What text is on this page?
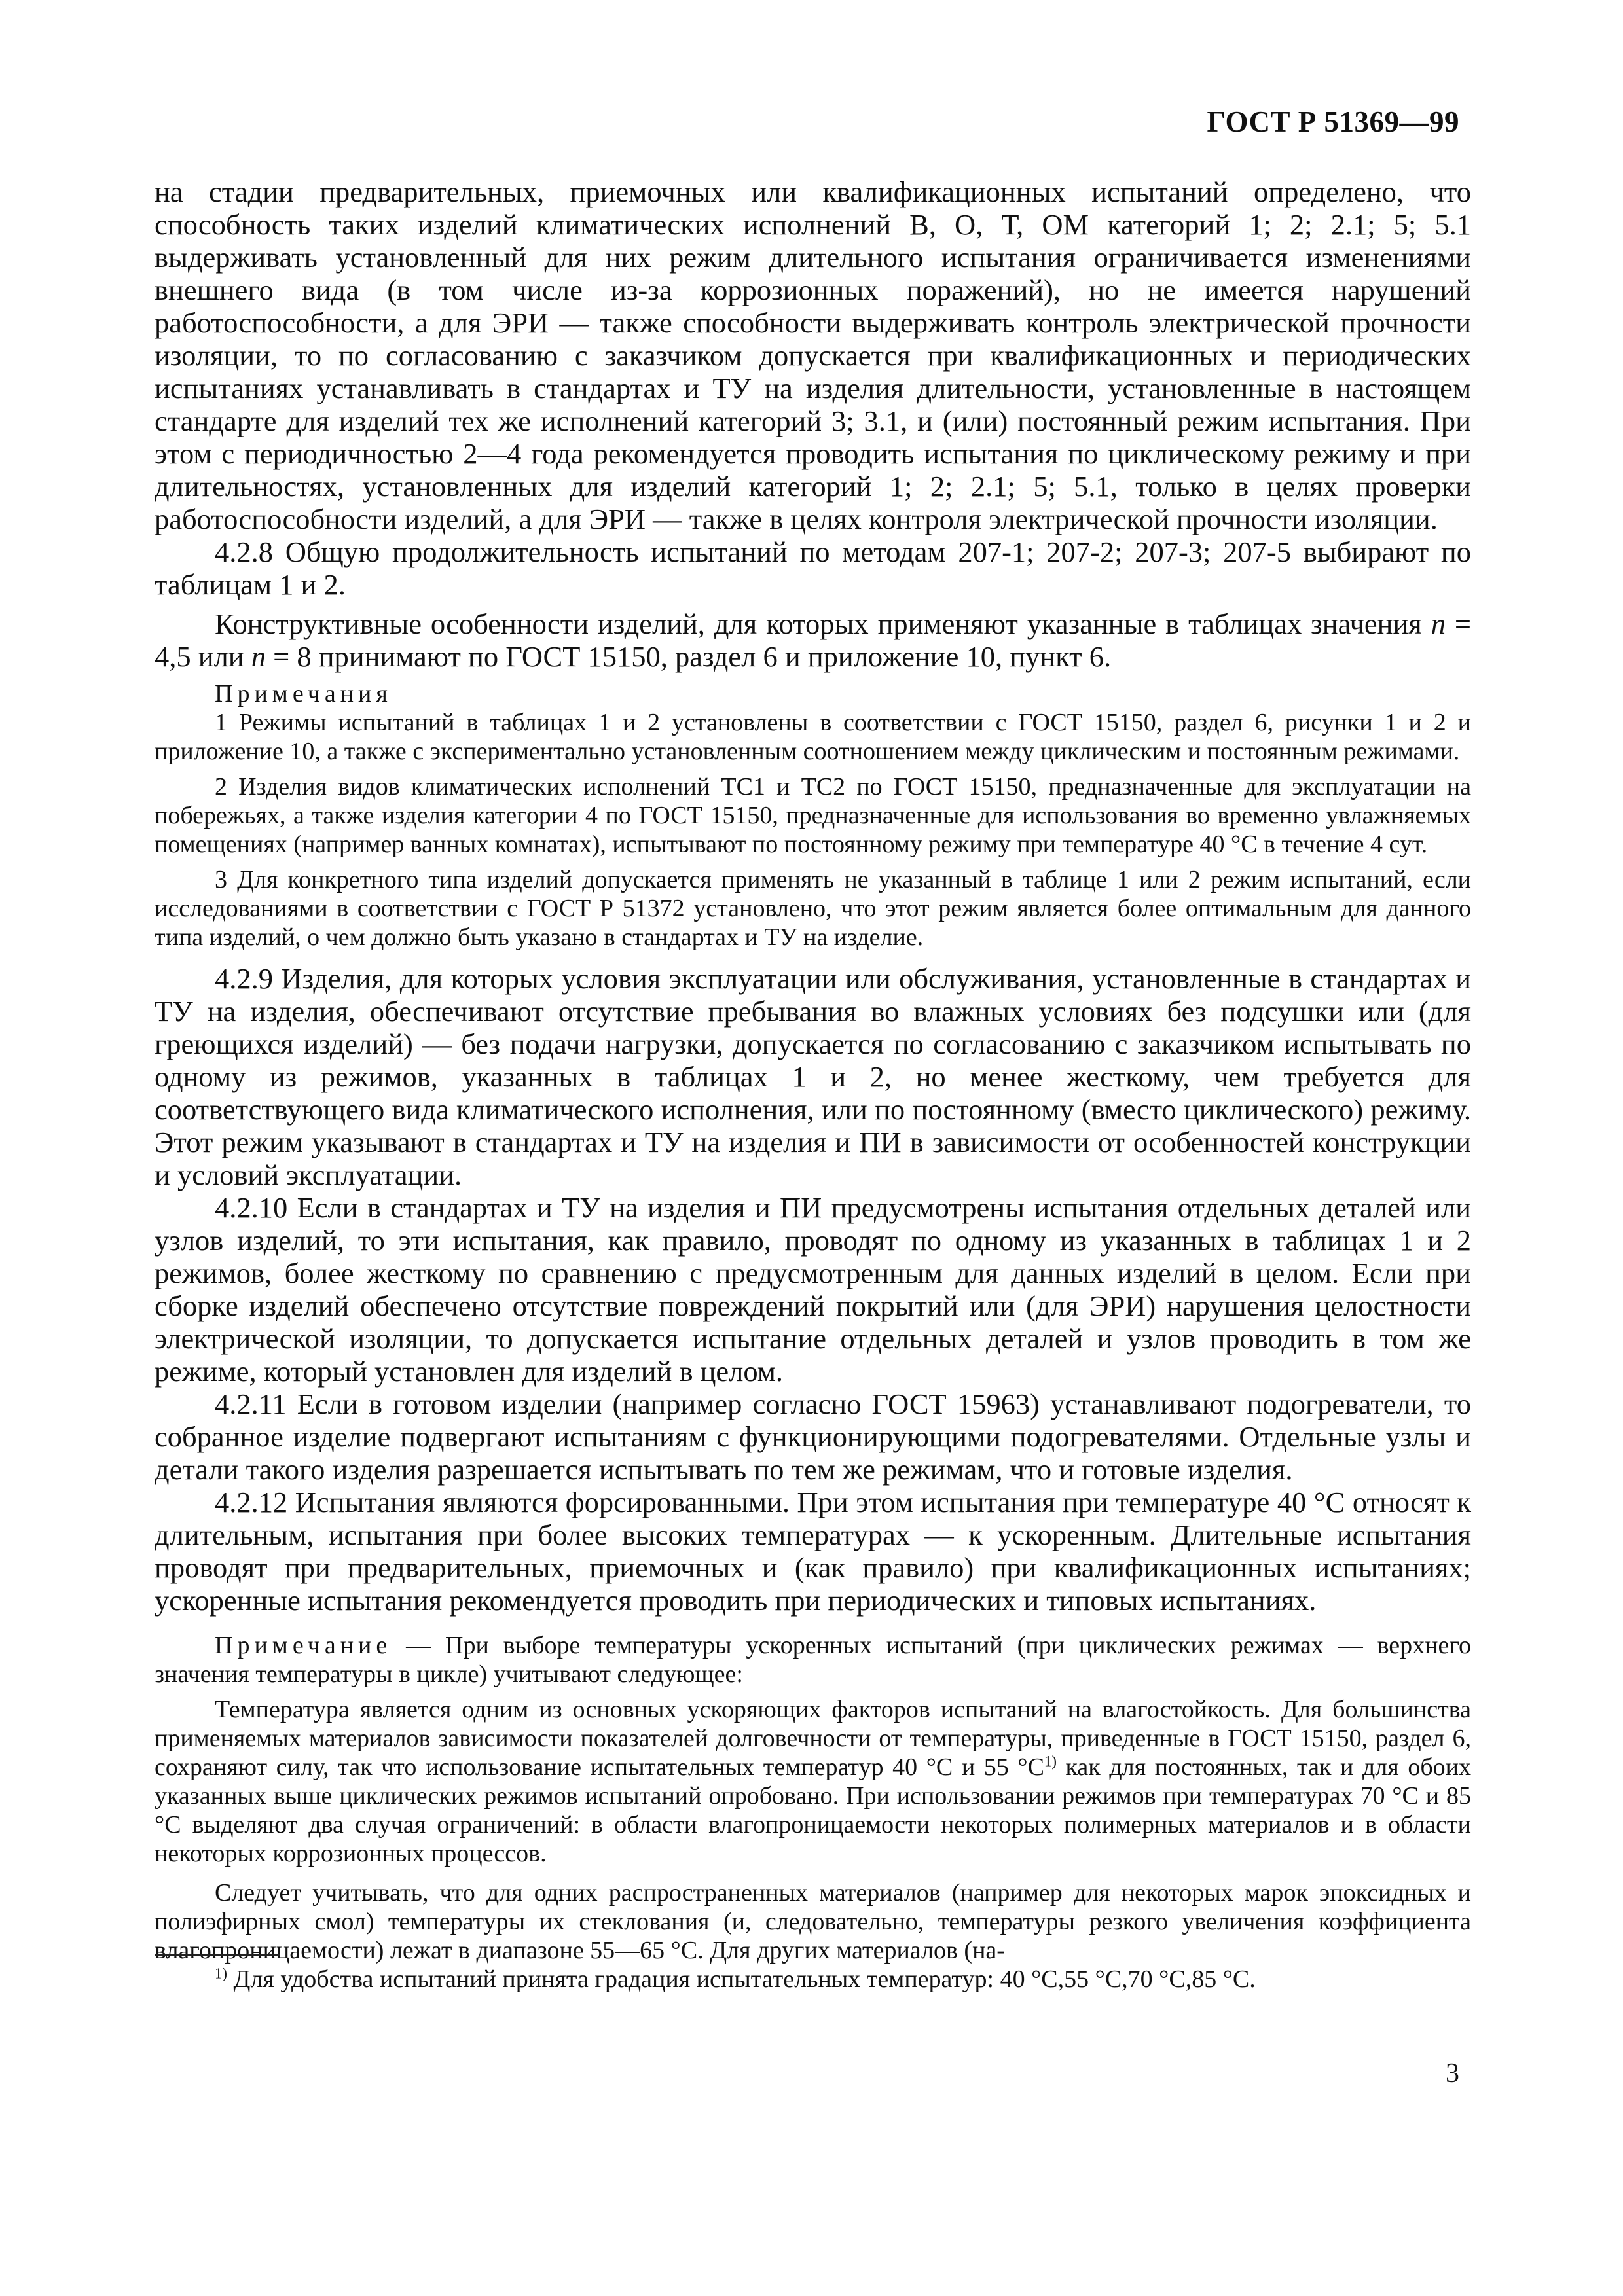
ГОСТ Р 51369—99

на стадии предварительных, приемочных или квалификационных испытаний определено, что способность таких изделий климатических исполнений В, О, Т, ОМ категорий 1; 2; 2.1; 5; 5.1 выдерживать установленный для них режим длительного испытания ограничивается изменениями внешнего вида (в том числе из-за коррозионных поражений), но не имеется нарушений работоспособности, а для ЭРИ — также способности выдерживать контроль электрической прочности изоляции, то по согласованию с заказчиком допускается при квалификационных и периодических испытаниях устанавливать в стандартах и ТУ на изделия длительности, установленные в настоящем стандарте для изделий тех же исполнений категорий 3; 3.1, и (или) постоянный режим испытания. При этом с периодичностью 2—4 года рекомендуется проводить испытания по циклическому режиму и при длительностях, установленных для изделий категорий 1; 2; 2.1; 5; 5.1, только в целях проверки работоспособности изделий, а для ЭРИ — также в целях контроля электрической прочности изоляции.

4.2.8 Общую продолжительность испытаний по методам 207-1; 207-2; 207-3; 207-5 выбирают по таблицам 1 и 2.

Конструктивные особенности изделий, для которых применяют указанные в таблицах значения n = 4,5 или n = 8 принимают по ГОСТ 15150, раздел 6 и приложение 10, пункт 6.

Примечания

1 Режимы испытаний в таблицах 1 и 2 установлены в соответствии с ГОСТ 15150, раздел 6, рисунки 1 и 2 и приложение 10, а также с экспериментально установленным соотношением между циклическим и постоянным режимами.

2 Изделия видов климатических исполнений ТС1 и ТС2 по ГОСТ 15150, предназначенные для эксплуатации на побережьях, а также изделия категории 4 по ГОСТ 15150, предназначенные для использования во временно увлажняемых помещениях (например ванных комнатах), испытывают по постоянному режиму при температуре 40 °С в течение 4 сут.

3 Для конкретного типа изделий допускается применять не указанный в таблице 1 или 2 режим испытаний, если исследованиями в соответствии с ГОСТ Р 51372 установлено, что этот режим является более оптимальным для данного типа изделий, о чем должно быть указано в стандартах и ТУ на изделие.

4.2.9 Изделия, для которых условия эксплуатации или обслуживания, установленные в стандартах и ТУ на изделия, обеспечивают отсутствие пребывания во влажных условиях без подсушки или (для греющихся изделий) — без подачи нагрузки, допускается по согласованию с заказчиком испытывать по одному из режимов, указанных в таблицах 1 и 2, но менее жесткому, чем требуется для соответствующего вида климатического исполнения, или по постоянному (вместо циклического) режиму. Этот режим указывают в стандартах и ТУ на изделия и ПИ в зависимости от особенностей конструкции и условий эксплуатации.

4.2.10 Если в стандартах и ТУ на изделия и ПИ предусмотрены испытания отдельных деталей или узлов изделий, то эти испытания, как правило, проводят по одному из указанных в таблицах 1 и 2 режимов, более жесткому по сравнению с предусмотренным для данных изделий в целом. Если при сборке изделий обеспечено отсутствие повреждений покрытий или (для ЭРИ) нарушения целостности электрической изоляции, то допускается испытание отдельных деталей и узлов проводить в том же режиме, который установлен для изделий в целом.

4.2.11 Если в готовом изделии (например согласно ГОСТ 15963) устанавливают подогреватели, то собранное изделие подвергают испытаниям с функционирующими подогревателями. Отдельные узлы и детали такого изделия разрешается испытывать по тем же режимам, что и готовые изделия.

4.2.12 Испытания являются форсированными. При этом испытания при температуре 40 °С относят к длительным, испытания при более высоких температурах — к ускоренным. Длительные испытания проводят при предварительных, приемочных и (как правило) при квалификационных испытаниях; ускоренные испытания рекомендуется проводить при периодических и типовых испытаниях.

Примечание — При выборе температуры ускоренных испытаний (при циклических режимах — верхнего значения температуры в цикле) учитывают следующее:

Температура является одним из основных ускоряющих факторов испытаний на влагостойкость. Для большинства применяемых материалов зависимости показателей долговечности от температуры, приведенные в ГОСТ 15150, раздел 6, сохраняют силу, так что использование испытательных температур 40 °С и 55 $^\circ С^{1)}$ как для постоянных, так и для обоих указанных выше циклических режимов испытаний опробовано. При использовании режимов при температурах 70 °С и 85 °С выделяют два случая ограничений: в области влагопроницаемости некоторых полимерных материалов и в области некоторых коррозионных процессов.

Следует учитывать, что для одних распространенных материалов (например для некоторых марок эпоксидных и полиэфирных смол) температуры их стеклования (и, следовательно, температуры резкого увеличения коэффициента влагопроницаемости) лежат в диапазоне 55—65 °С. Для других материалов (на-

$^{1)}$ Для удобства испытаний принята градация испытательных температур: 40 °С,55 °С,70 °С,85 °С.
3
